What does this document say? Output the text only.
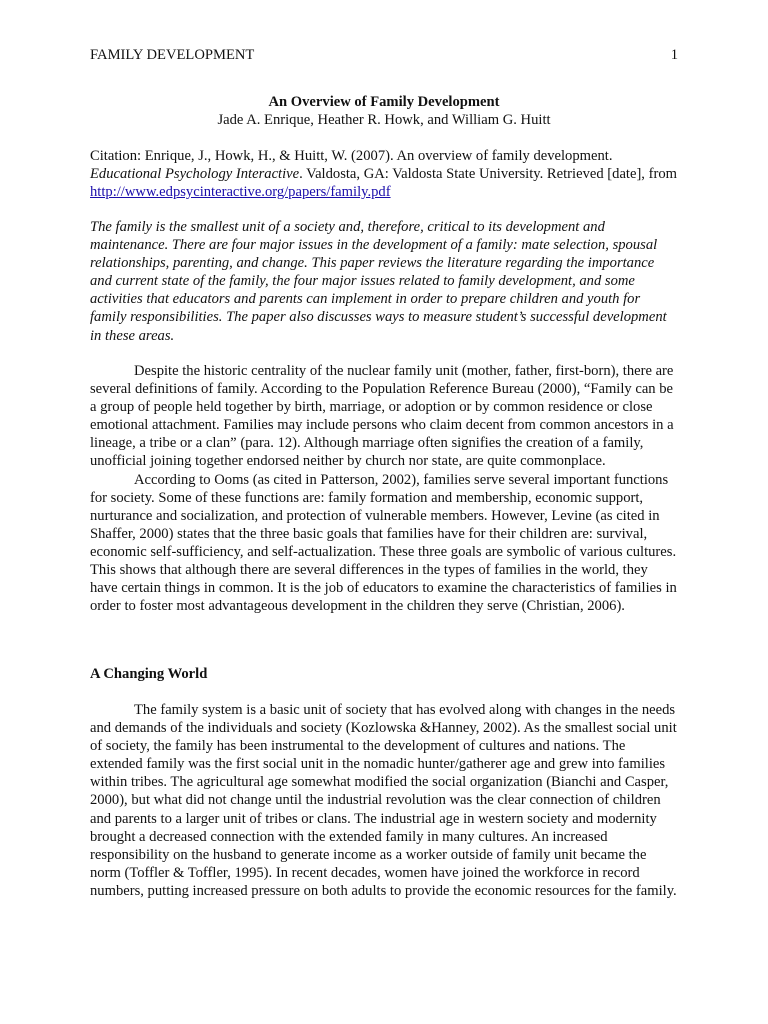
FAMILY DEVELOPMENT	1
An Overview of Family Development
Jade A. Enrique, Heather R. Howk, and William G. Huitt
Citation: Enrique, J., Howk, H., & Huitt, W. (2007). An overview of family development. Educational Psychology Interactive. Valdosta, GA: Valdosta State University. Retrieved [date], from http://www.edpsycinteractive.org/papers/family.pdf

The family is the smallest unit of a society and, therefore, critical to its development and maintenance. There are four major issues in the development of a family: mate selection, spousal relationships, parenting, and change. This paper reviews the literature regarding the importance and current state of the family, the four major issues related to family development, and some activities that educators and parents can implement in order to prepare children and youth for family responsibilities. The paper also discusses ways to measure student’s successful development in these areas.

Despite the historic centrality of the nuclear family unit (mother, father, first-born), there are several definitions of family. According to the Population Reference Bureau (2000), “Family can be a group of people held together by birth, marriage, or adoption or by common residence or close emotional attachment. Families may include persons who claim decent from common ancestors in a lineage, a tribe or a clan” (para. 12). Although marriage often signifies the creation of a family, unofficial joining together endorsed neither by church nor state, are quite commonplace.

According to Ooms (as cited in Patterson, 2002), families serve several important functions for society. Some of these functions are: family formation and membership, economic support, nurturance and socialization, and protection of vulnerable members. However, Levine (as cited in Shaffer, 2000) states that the three basic goals that families have for their children are: survival, economic self-sufficiency, and self-actualization. These three goals are symbolic of various cultures. This shows that although there are several differences in the types of families in the world, they have certain things in common. It is the job of educators to examine the characteristics of families in order to foster most advantageous development in the children they serve (Christian, 2006).

A Changing World

The family system is a basic unit of society that has evolved along with changes in the needs and demands of the individuals and society (Kozlowska &Hanney, 2002). As the smallest social unit of society, the family has been instrumental to the development of cultures and nations. The extended family was the first social unit in the nomadic hunter/gatherer age and grew into families within tribes. The agricultural age somewhat modified the social organization (Bianchi and Casper, 2000), but what did not change until the industrial revolution was the clear connection of children and parents to a larger unit of tribes or clans. The industrial age in western society and modernity brought a decreased connection with the extended family in many cultures. An increased responsibility on the husband to generate income as a worker outside of family unit became the norm (Toffler & Toffler, 1995). In recent decades, women have joined the workforce in record numbers, putting increased pressure on both adults to provide the economic resources for the family.
